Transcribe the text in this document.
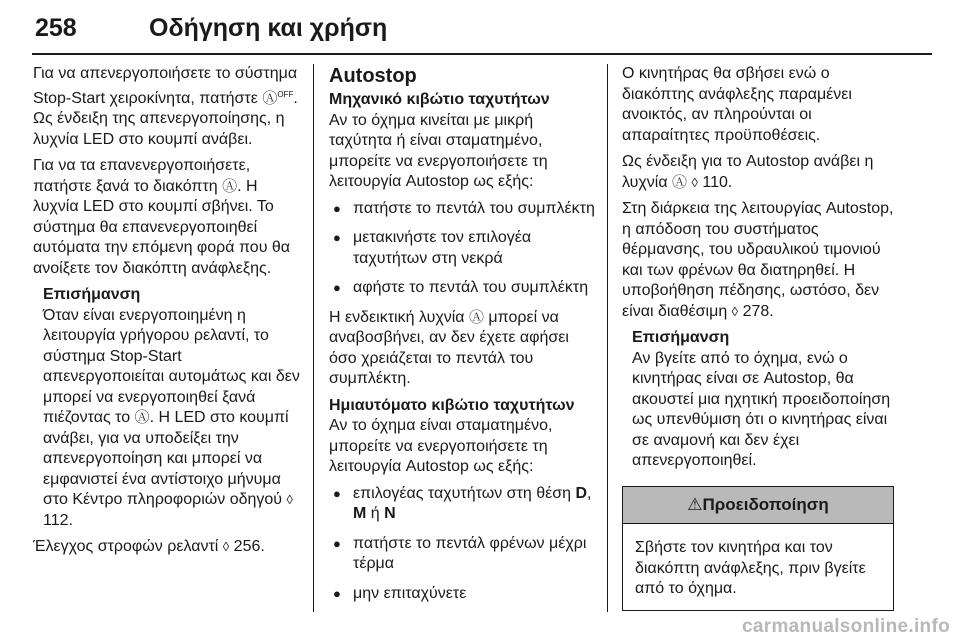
258	Οδήγηση και χρήση

Για να απενεργοποιήσετε το σύστημα Stop-Start χειροκίνητα, πατήστε Ⓐ$^{OFF}$. Ως ένδειξη της απενεργοποίησης, η λυχνία LED στο κουμπί ανάβει.

Για να τα επανενεργοποιήσετε, πατήστε ξανά το διακόπτη Ⓐ. Η λυχνία LED στο κουμπί σβήνει. Το σύστημα θα επανενεργοποιηθεί αυτόματα την επόμενη φορά που θα ανοίξετε τον διακόπτη ανάφλεξης.

Επισήμανση

Όταν είναι ενεργοποιημένη η λειτουργία γρήγορου ρελαντί, το σύστημα Stop-Start απενεργοποιείται αυτομάτως και δεν μπορεί να ενεργοποιηθεί ξανά πιέζοντας το Ⓐ. Η LED στο κουμπί ανάβει, για να υποδείξει την απενεργοποίηση και μπορεί να εμφανιστεί ένα αντίστοιχο μήνυμα στο Κέντρο πληροφοριών οδηγού ◊ 112.

Έλεγχος στροφών ρελαντί ◊ 256.

Autostop

Μηχανικό κιβώτιο ταχυτήτων

Αν το όχημα κινείται με μικρή ταχύτητα ή είναι σταματημένο, μπορείτε να ενεργοποιήσετε τη λειτουργία Autostop ως εξής:

● πατήστε το πεντάλ του συμπλέκτη
● μετακινήστε τον επιλογέα ταχυτήτων στη νεκρά
● αφήστε το πεντάλ του συμπλέκτη

Η ενδεικτική λυχνία Ⓐ μπορεί να αναβοσβήνει, αν δεν έχετε αφήσει όσο χρειάζεται το πεντάλ του συμπλέκτη.

Ημιαυτόματο κιβώτιο ταχυτήτων

Αν το όχημα είναι σταματημένο, μπορείτε να ενεργοποιήσετε τη λειτουργία Autostop ως εξής:

● επιλογέας ταχυτήτων στη θέση D, M ή N
● πατήστε το πεντάλ φρένων μέχρι τέρμα
● μην επιταχύνετε

Ο κινητήρας θα σβήσει ενώ ο διακόπτης ανάφλεξης παραμένει ανοικτός, αν πληρούνται οι απαραίτητες προϋποθέσεις.

Ως ένδειξη για το Autostop ανάβει η λυχνία Ⓐ ◊ 110.

Στη διάρκεια της λειτουργίας Autostop, η απόδοση του συστήματος θέρμανσης, του υδραυλικού τιμονιού και των φρένων θα διατηρηθεί. Η υποβοήθηση πέδησης, ωστόσο, δεν είναι διαθέσιμη ◊ 278.

Επισήμανση

Αν βγείτε από το όχημα, ενώ ο κινητήρας είναι σε Autostop, θα ακουστεί μια ηχητική προειδοποίηση ως υπενθύμιση ότι ο κινητήρας είναι σε αναμονή και δεν έχει απενεργοποιηθεί.

⚠Προειδοποίηση
Σβήστε τον κινητήρα και τον διακόπτη ανάφλεξης, πριν βγείτε από το όχημα.
carmanualsonline.info
